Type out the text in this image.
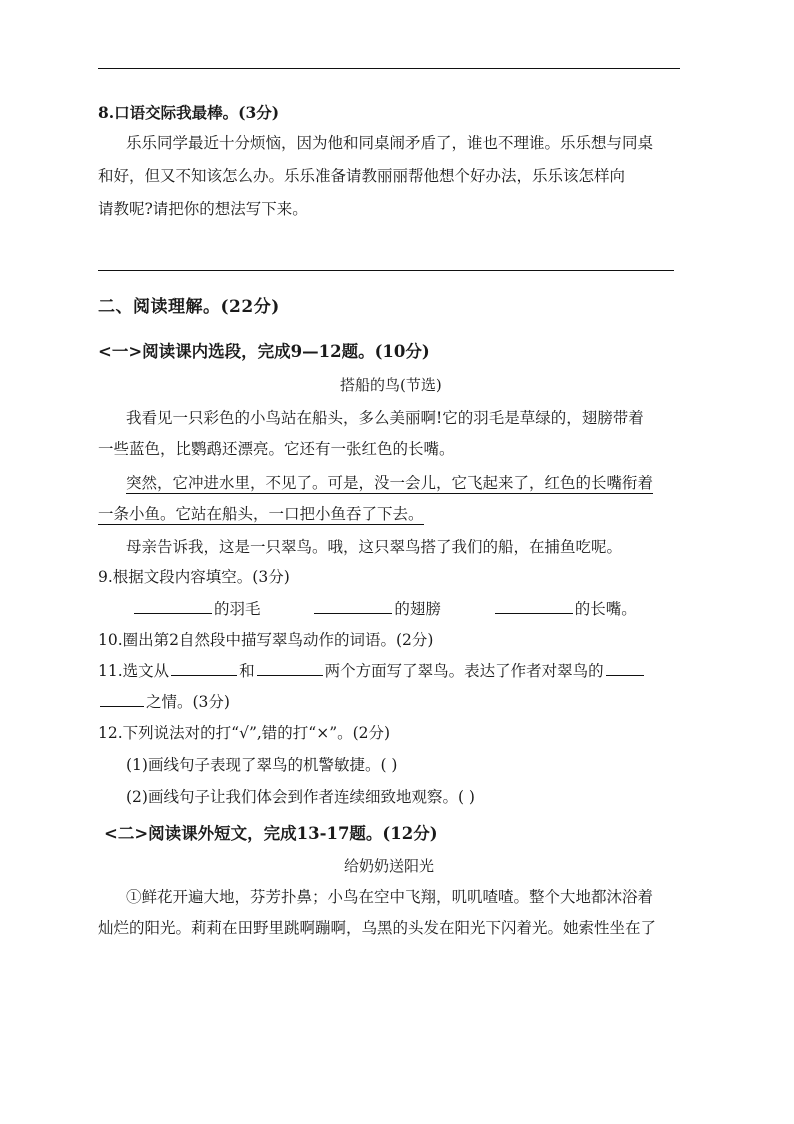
8.口语交际我最棒。(3分)
乐乐同学最近十分烦恼，因为他和同桌闹矛盾了，谁也不理谁。乐乐想与同桌
和好，但又不知该怎么办。乐乐准备请教丽丽帮他想个好办法，乐乐该怎样向
请教呢?请把你的想法写下来。
二、阅读理解。(22分)
<一>阅读课内选段，完成9—12题。(10分)
搭船的鸟(节选)
我看见一只彩色的小鸟站在船头，多么美丽啊!它的羽毛是草绿的，翅膀带着
一些蓝色，比鹦鹉还漂亮。它还有一张红色的长嘴。
突然，它冲进水里，不见了。可是，没一会儿，它飞起来了，红色的长嘴衔着
一条小鱼。它站在船头，一口把小鱼吞了下去。
母亲告诉我，这是一只翠鸟。哦，这只翠鸟搭了我们的船，在捕鱼吃呢。
9.根据文段内容填空。(3分)
的羽毛	的翅膀	的长嘴。
10.圈出第2自然段中描写翠鸟动作的词语。(2分)
11.选文从	和	两个方面写了翠鸟。表达了作者对翠鸟的
之情。(3分)
12.下列说法对的打“√”,错的打“×”。(2分)
(1)画线句子表现了翠鸟的机警敏捷。( )
(2)画线句子让我们体会到作者连续细致地观察。( )
<二>阅读课外短文，完成13-17题。(12分)
给奶奶送阳光
①鲜花开遍大地，芬芳扑鼻；小鸟在空中飞翔，叽叽喳喳。整个大地都沐浴着
灿烂的阳光。莉莉在田野里跳啊蹦啊，乌黑的头发在阳光下闪着光。她索性坐在了
